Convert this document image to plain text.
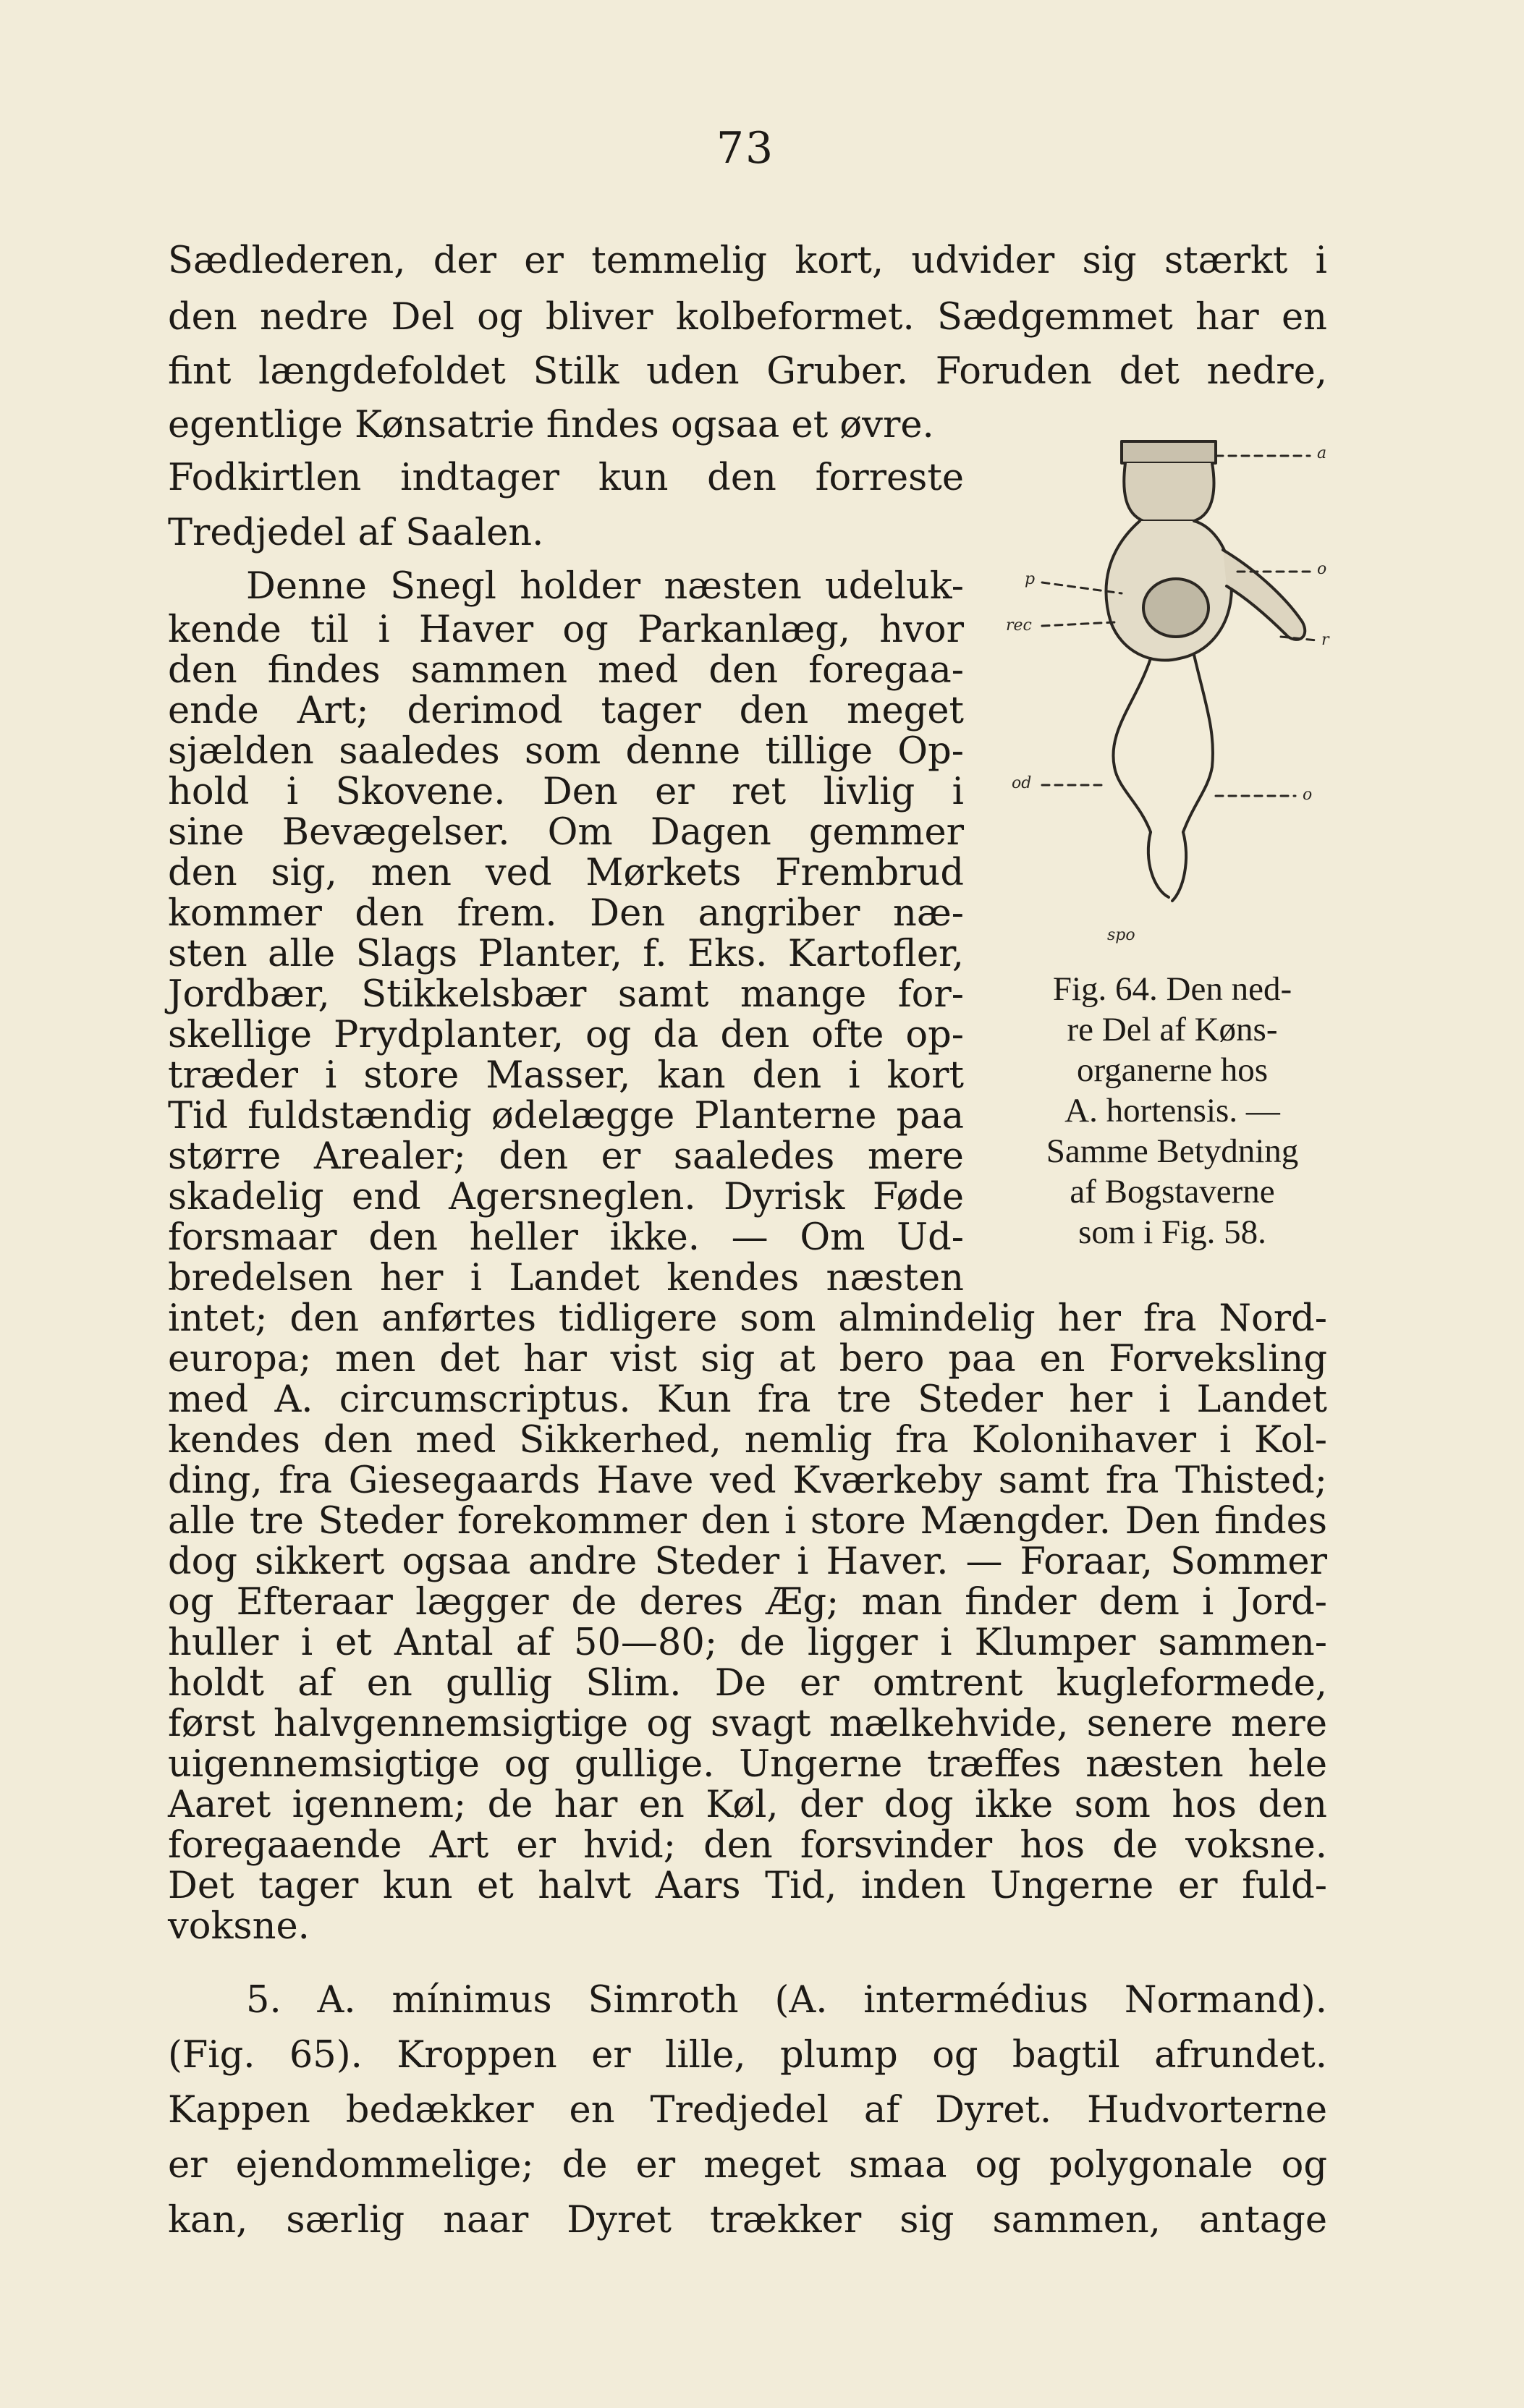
73
Sædlederen, der er temmelig kort, udvider sig stærkt i
den nedre Del og bliver kolbeformet. Sædgemmet har en
fint længdefoldet Stilk uden Gruber. Foruden det nedre,
egentlige Kønsatrie findes ogsaa et øvre.
Fodkirtlen indtager kun den forreste
Tredjedel af Saalen.
Denne Snegl holder næsten udeluk-
kende til i Haver og Parkanlæg, hvor
den findes sammen med den foregaa-
ende Art; derimod tager den meget
sjælden saaledes som denne tillige Op-
hold i Skovene. Den er ret livlig i
sine Bevægelser. Om Dagen gemmer
den sig, men ved Mørkets Frembrud
kommer den frem. Den angriber næ-
sten alle Slags Planter, f. Eks. Kartofler,
Jordbær, Stikkelsbær samt mange for-
skellige Prydplanter, og da den ofte op-
træder i store Masser, kan den i kort
Tid fuldstændig ødelægge Planterne paa
større Arealer; den er saaledes mere
skadelig end Agersneglen. Dyrisk Føde
forsmaar den heller ikke. — Om Ud-
bredelsen her i Landet kendes næsten
intet; den anførtes tidligere som almindelig her fra Nord-
europa; men det har vist sig at bero paa en Forveksling
med A. circumscriptus. Kun fra tre Steder her i Landet
kendes den med Sikkerhed, nemlig fra Kolonihaver i Kol-
ding, fra Giesegaards Have ved Kværkeby samt fra Thisted;
alle tre Steder forekommer den i store Mængder. Den findes
dog sikkert ogsaa andre Steder i Haver. — Foraar, Sommer
og Efteraar lægger de deres Æg; man finder dem i Jord-
huller i et Antal af 50—80; de ligger i Klumper sammen-
holdt af en gullig Slim. De er omtrent kugleformede,
først halvgennemsigtige og svagt mælkehvide, senere mere
uigennemsigtige og gullige. Ungerne træffes næsten hele
Aaret igennem; de har en Køl, der dog ikke som hos den
foregaaende Art er hvid; den forsvinder hos de voksne.
Det tager kun et halvt Aars Tid, inden Ungerne er fuld-
voksne.
5. A. mínimus Simroth (A. intermédius Normand).
(Fig. 65). Kroppen er lille, plump og bagtil afrundet.
Kappen bedækker en Tredjedel af Dyret. Hudvorterne
er ejendommelige; de er meget smaa og polygonale og
kan, særlig naar Dyret trækker sig sammen, antage
a
p
o
rec
r
od
o
spo
Fig. 64. Den ned-
re Del af Køns-
organerne hos
A. hortensis. —
Samme Betydning
af Bogstaverne
som i Fig. 58.
